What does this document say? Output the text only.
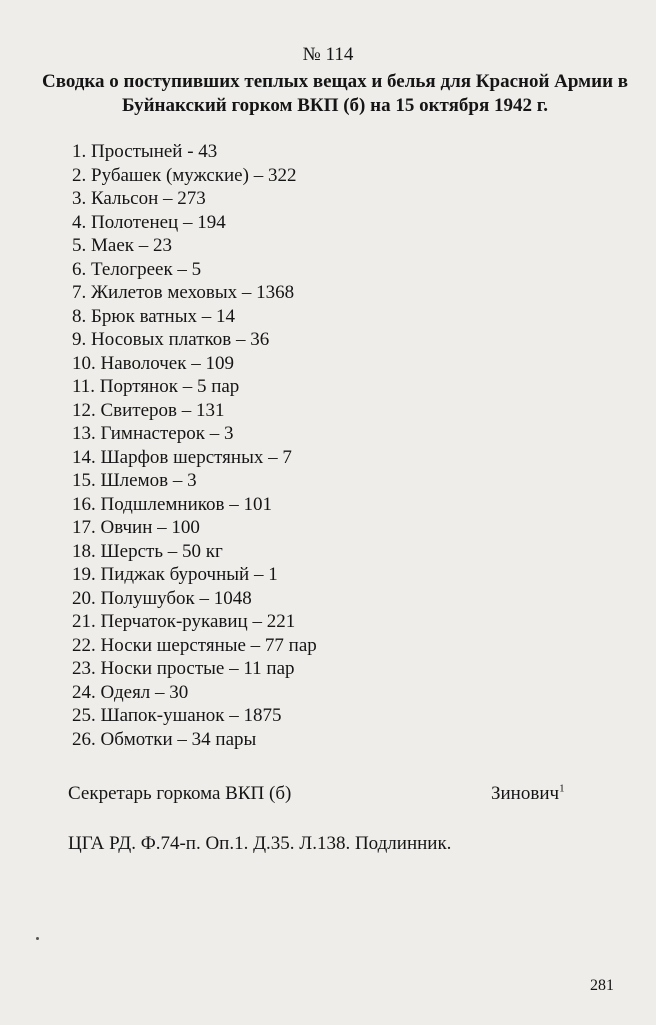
№ 114
Сводка о поступивших теплых вещах и белья для Красной Армии в Буйнакский горком ВКП (б) на 15 октября 1942 г.
1. Простыней - 43
2. Рубашек (мужские) – 322
3. Кальсон – 273
4. Полотенец – 194
5. Маек – 23
6. Телогреек – 5
7. Жилетов меховых – 1368
8. Брюк ватных – 14
9. Носовых платков – 36
10. Наволочек – 109
11. Портянок – 5 пар
12. Свитеров – 131
13. Гимнастерок – 3
14. Шарфов шерстяных – 7
15. Шлемов – 3
16. Подшлемников – 101
17. Овчин – 100
18. Шерсть – 50 кг
19. Пиджак бурочный – 1
20. Полушубок – 1048
21. Перчаток-рукавиц – 221
22. Носки шерстяные – 77 пар
23. Носки простые – 11 пар
24. Одеял – 30
25. Шапок-ушанок – 1875
26. Обмотки – 34 пары
Секретарь горкома ВКП (б)	Зинович$^1$
ЦГА РД. Ф.74-п. Оп.1. Д.35. Л.138. Подлинник.
281
